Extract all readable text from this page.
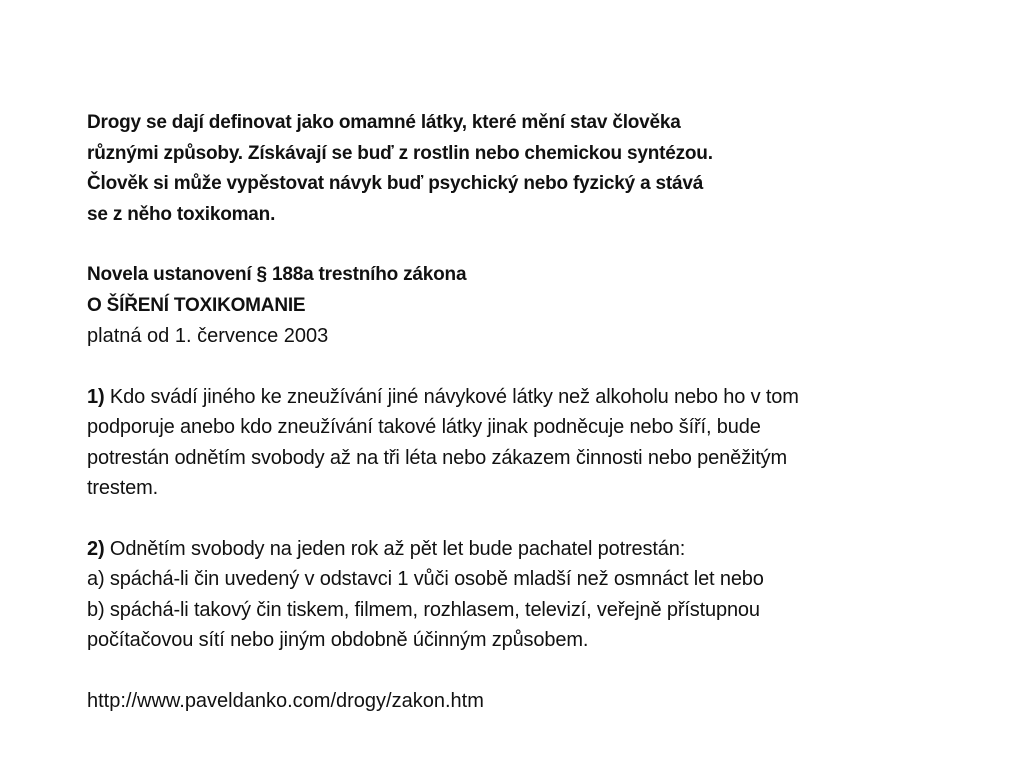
Drogy se dají definovat jako omamné látky, které mění stav člověka

různými způsoby. Získávají se buď z rostlin nebo chemickou syntézou.

Člověk si může vypěstovat návyk buď psychický nebo fyzický a stává

se z něho toxikoman.

Novela ustanovení § 188a trestního zákona

O ŠÍŘENÍ TOXIKOMANIE

platná od 1. července 2003

1) Kdo svádí jiného ke zneužívání jiné návykové látky než alkoholu nebo ho v tom

podporuje anebo kdo zneužívání takové látky jinak podněcuje nebo šíří, bude

potrestán odnětím svobody až na tři léta nebo zákazem činnosti nebo peněžitým

trestem.

2) Odnětím svobody na jeden rok až pět let bude pachatel potrestán:

a) spáchá-li čin uvedený v odstavci 1 vůči osobě mladší než osmnáct let nebo

b) spáchá-li takový čin tiskem, filmem, rozhlasem, televizí, veřejně přístupnou

počítačovou sítí nebo jiným obdobně účinným způsobem.

http://www.paveldanko.com/drogy/zakon.htm
